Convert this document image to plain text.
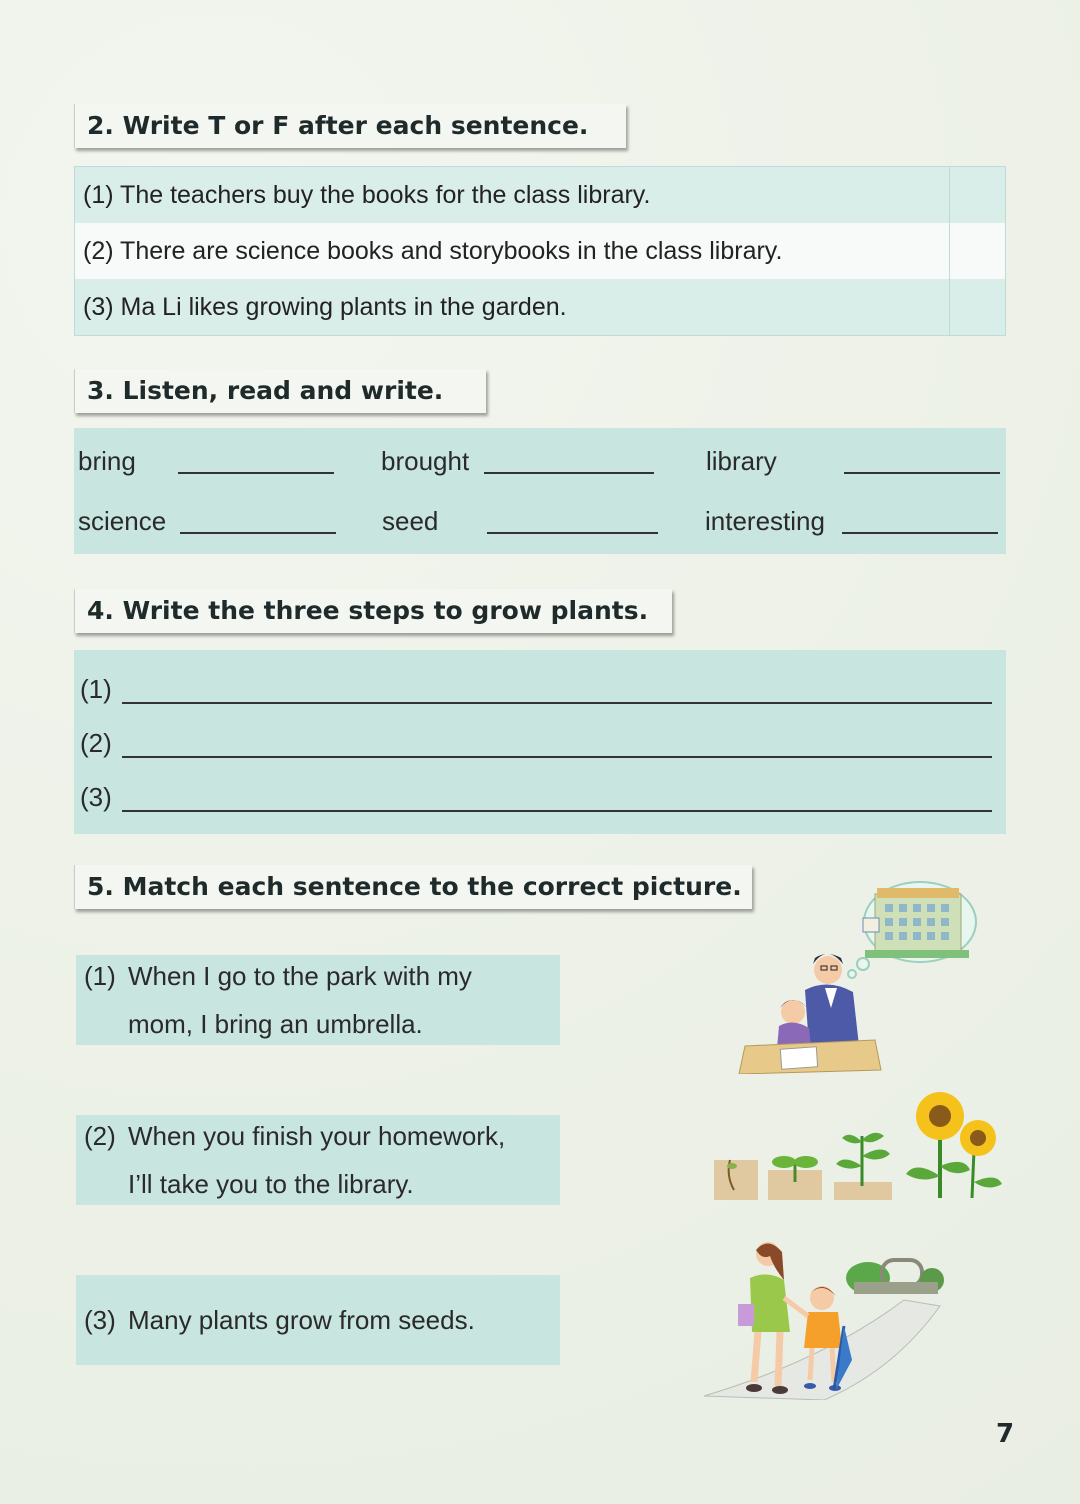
2. Write T or F after each sentence.
(1) The teachers buy the books for the class library.
(2) There are science books and storybooks in the class library.
(3) Ma Li likes growing plants in the garden.
3. Listen, read and write.
bring	brought	library
science	seed	interesting
4. Write the three steps to grow plants.
(1)
(2)
(3)
5. Match each sentence to the correct picture.
(1) When I go to the park with my
mom, I bring an umbrella.
(2) When you finish your homework,
I’ll take you to the library.
(3) Many plants grow from seeds.
7
